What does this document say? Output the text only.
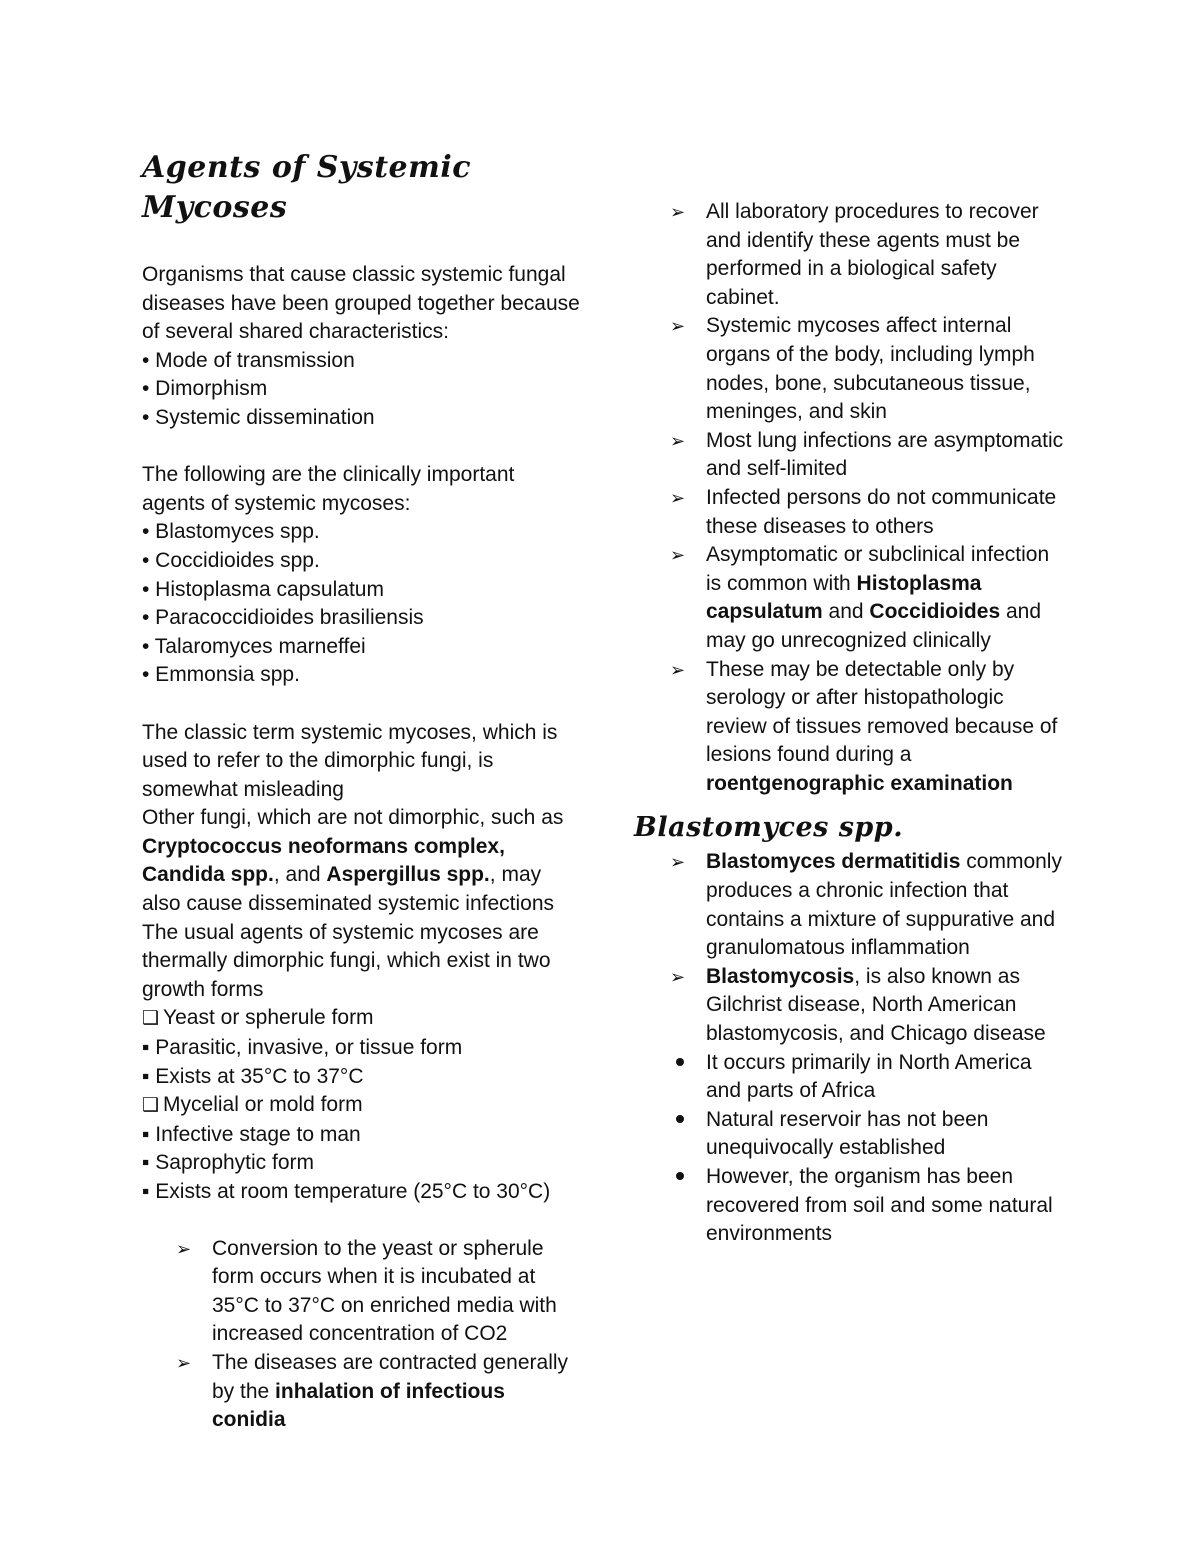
Agents of Systemic Mycoses

Organisms that cause classic systemic fungal diseases have been grouped together because of several shared characteristics:

• Mode of transmission

• Dimorphism

• Systemic dissemination

The following are the clinically important agents of systemic mycoses:

• Blastomyces spp.

• Coccidioides spp.

• Histoplasma capsulatum

• Paracoccidioides brasiliensis

• Talaromyces marneffei

• Emmonsia spp.

The classic term systemic mycoses, which is used to refer to the dimorphic fungi, is somewhat misleading

Other fungi, which are not dimorphic, such as Cryptococcus neoformans complex, Candida spp., and Aspergillus spp., may also cause disseminated systemic infections

The usual agents of systemic mycoses are thermally dimorphic fungi, which exist in two growth forms

❑ Yeast or spherule form

▪ Parasitic, invasive, or tissue form

▪ Exists at 35°C to 37°C

❑ Mycelial or mold form

▪ Infective stage to man

▪ Saprophytic form

▪ Exists at room temperature (25°C to 30°C)

➢ Conversion to the yeast or spherule form occurs when it is incubated at 35°C to 37°C on enriched media with increased concentration of CO2
➢ The diseases are contracted generally by the inhalation of infectious conidia
➢ All laboratory procedures to recover and identify these agents must be performed in a biological safety cabinet.
➢ Systemic mycoses affect internal organs of the body, including lymph nodes, bone, subcutaneous tissue, meninges, and skin
➢ Most lung infections are asymptomatic and self-limited
➢ Infected persons do not communicate these diseases to others
➢ Asymptomatic or subclinical infection is common with Histoplasma capsulatum and Coccidioides and may go unrecognized clinically
➢ These may be detectable only by serology or after histopathologic review of tissues removed because of lesions found during a roentgenographic examination
Blastomyces spp.
➢ Blastomyces dermatitidis commonly produces a chronic infection that contains a mixture of suppurative and granulomatous inflammation
➢ Blastomycosis, is also known as Gilchrist disease, North American blastomycosis, and Chicago disease
It occurs primarily in North America and parts of Africa
Natural reservoir has not been unequivocally established
However, the organism has been recovered from soil and some natural environments
